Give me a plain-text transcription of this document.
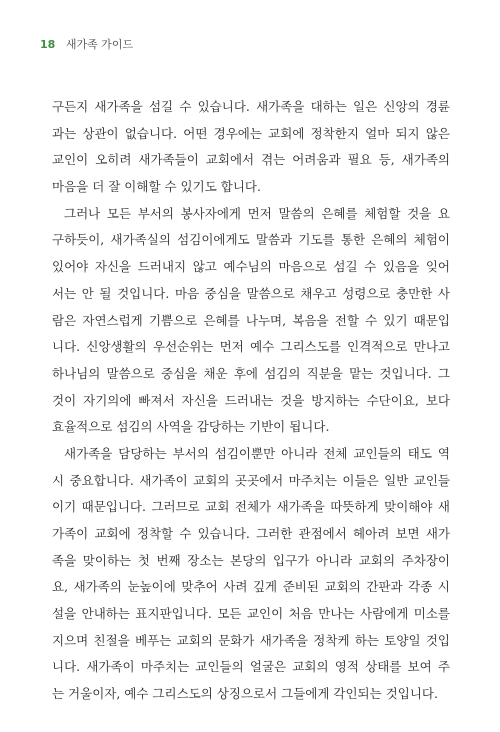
18 새가족 가이드
구든지 새가족을 섬길 수 있습니다. 새가족을 대하는 일은 신앙의 경륜
과는 상관이 없습니다. 어떤 경우에는 교회에 정착한지 얼마 되지 않은
교인이 오히려 새가족들이 교회에서 겪는 어려움과 필요 등, 새가족의
마음을 더 잘 이해할 수 있기도 합니다.
그러나 모든 부서의 봉사자에게 먼저 말씀의 은혜를 체험할 것을 요
구하듯이, 새가족실의 섬김이에게도 말씀과 기도를 통한 은혜의 체험이
있어야 자신을 드러내지 않고 예수님의 마음으로 섬길 수 있음을 잊어
서는 안 될 것입니다. 마음 중심을 말씀으로 채우고 성령으로 충만한 사
람은 자연스럽게 기쁨으로 은혜를 나누며, 복음을 전할 수 있기 때문입
니다. 신앙생활의 우선순위는 먼저 예수 그리스도를 인격적으로 만나고
하나님의 말씀으로 중심을 채운 후에 섬김의 직분을 맡는 것입니다. 그
것이 자기의에 빠져서 자신을 드러내는 것을 방지하는 수단이요, 보다
효율적으로 섬김의 사역을 감당하는 기반이 됩니다.
새가족을 담당하는 부서의 섬김이뿐만 아니라 전체 교인들의 태도 역
시 중요합니다. 새가족이 교회의 곳곳에서 마주치는 이들은 일반 교인들
이기 때문입니다. 그러므로 교회 전체가 새가족을 따뜻하게 맞이해야 새
가족이 교회에 정착할 수 있습니다. 그러한 관점에서 헤아려 보면 새가
족을 맞이하는 첫 번째 장소는 본당의 입구가 아니라 교회의 주차장이
요, 새가족의 눈높이에 맞추어 사려 깊게 준비된 교회의 간판과 각종 시
설을 안내하는 표지판입니다. 모든 교인이 처음 만나는 사람에게 미소를
지으며 친절을 베푸는 교회의 문화가 새가족을 정착케 하는 토양일 것입
니다. 새가족이 마주치는 교인들의 얼굴은 교회의 영적 상태를 보여 주
는 거울이자, 예수 그리스도의 상징으로서 그들에게 각인되는 것입니다.
